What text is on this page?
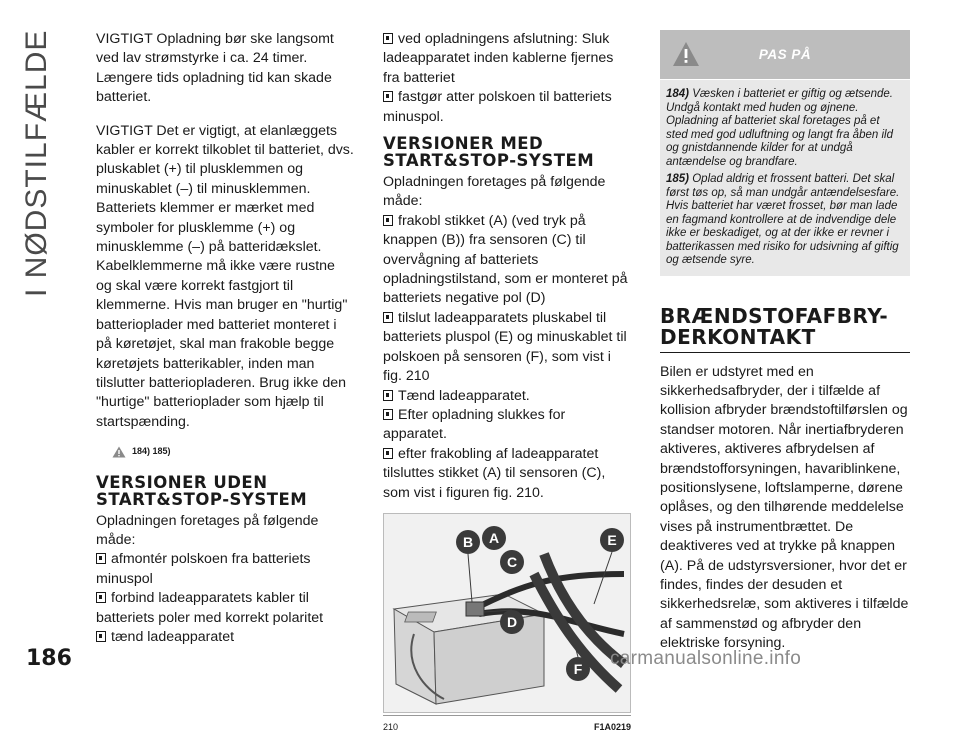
I NØDSTILFÆLDE	VIGTIGT Opladning bør ske langsomt ved lav strømstyrke i ca. 24 timer. Længere tids opladning tid kan skade batteriet.

VIGTIGT Det er vigtigt, at elanlæggets kabler er korrekt tilkoblet til batteriet, dvs. pluskablet (+) til plusklemmen og minuskablet (–) til minusklemmen. Batteriets klemmer er mærket med symboler for plusklemme (+) og minusklemme (–) på batteridækslet. Kabelklemmerne må ikke være rustne og skal være korrekt fastgjort til klemmerne. Hvis man bruger en "hurtig" batterioplader med batteriet monteret i på køretøjet, skal man frakoble begge køretøjets batterikabler, inden man tilslutter batteriopladeren. Brug ikke den "hurtige" batterioplader som hjælp til startspænding.

184) 185)
VERSIONER UDEN START&STOP-SYSTEM
Opladningen foretages på følgende måde:
afmontér polskoen fra batteriets minuspol
forbind ladeapparatets kabler til batteriets poler med korrekt polaritet
tænd ladeapparatet
ved opladningens afslutning: Sluk ladeapparatet inden kablerne fjernes fra batteriet
fastgør atter polskoen til batteriets minuspol.
VERSIONER MED START&STOP-SYSTEM
Opladningen foretages på følgende måde:
frakobl stikket (A) (ved tryk på knappen (B)) fra sensoren (C) til overvågning af batteriets opladningstilstand, som er monteret på batteriets negative pol (D)
tilslut ladeapparatets pluskabel til batteriets pluspol (E) og minuskablet til polskoen på sensoren (F), som vist i fig. 210
Tænd ladeapparatet.
Efter opladning slukkes for apparatet.
efter frakobling af ladeapparatet tilsluttes stikket (A) til sensoren (C), som vist i figuren fig. 210.
B A
C
D
E
F
210	F1A0219
PAS PÅ
184) Væsken i batteriet er giftig og ætsende. Undgå kontakt med huden og øjnene. Opladning af batteriet skal foretages på et sted med god udluftning og langt fra åben ild og gnistdannende kilder for at undgå antændelse og brandfare.
185) Oplad aldrig et frossent batteri. Det skal først tøs op, så man undgår antændelsesfare. Hvis batteriet har været frosset, bør man lade en fagmand kontrollere at de indvendige dele ikke er beskadiget, og at der ikke er revner i batterikassen med risiko for udsivning af giftig og ætsende syre.
BRÆNDSTOFAFBRY-DERKONTAKT

Bilen er udstyret med en sikkerhedsafbryder, der i tilfælde af kollision afbryder brændstoftilførslen og standser motoren. Når inertiafbryderen aktiveres, aktiveres afbrydelsen af brændstofforsyningen, havariblinkene, positionslysene, loftslamperne, dørene oplåses, og den tilhørende meddelelse vises på instrumentbrættet. De deaktiveres ved at trykke på knappen (A). På de udstyrsversioner, hvor det er findes, findes der desuden et sikkerhedsrelæ, som aktiveres i tilfælde af sammenstød og afbryder den elektriske forsyning.

186	carmanualsonline.info
